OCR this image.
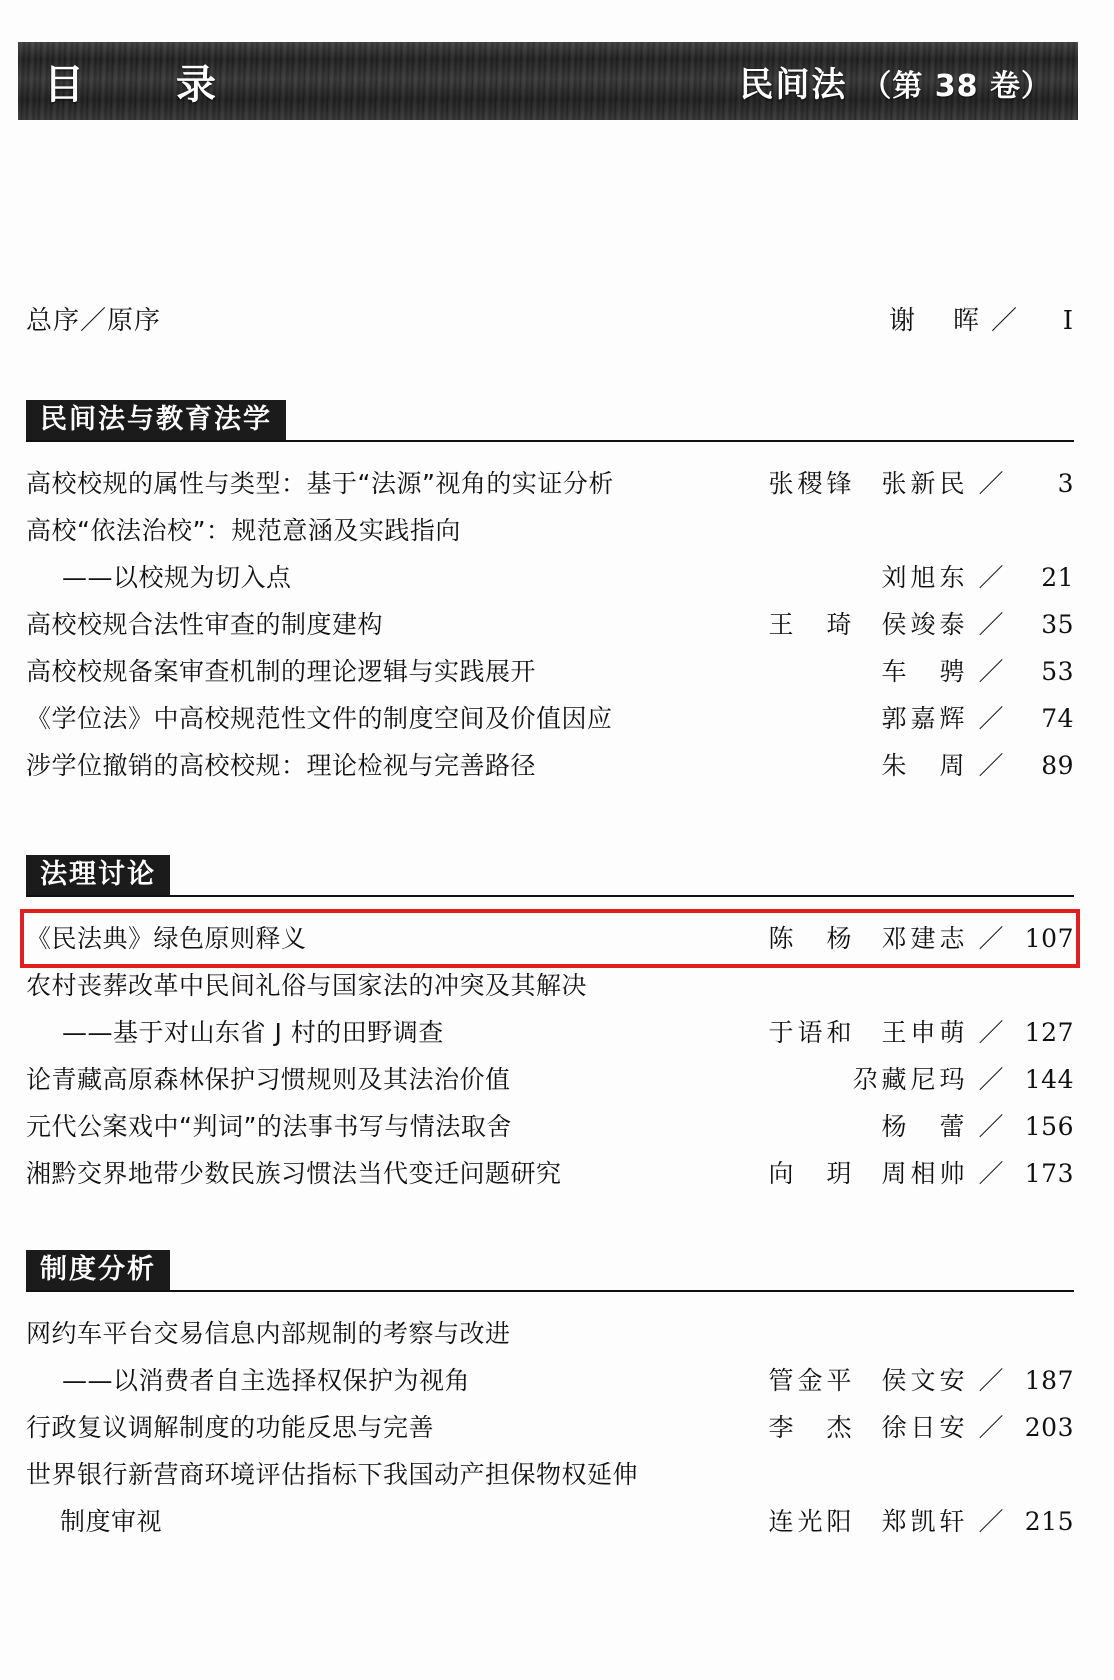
目　录	民间法 （第 38 卷）
总序／原序	谢　晖 ／	I
民间法与教育法学
高校校规的属性与类型：基于“法源”视角的实证分析	张稷锋 张新民 ／	3
高校“依法治校”：规范意涵及实践指向
——以校规为切入点	刘旭东 ／	21
高校校规合法性审查的制度建构	王　琦 侯竣泰 ／	35
高校校规备案审查机制的理论逻辑与实践展开	车　骋 ／	53
《学位法》中高校规范性文件的制度空间及价值因应	郭嘉辉 ／	74
涉学位撤销的高校校规：理论检视与完善路径	朱　周 ／	89
法理讨论
《民法典》绿色原则释义	陈　杨 邓建志 ／ 107
农村丧葬改革中民间礼俗与国家法的冲突及其解决
——基于对山东省 J 村的田野调查	于语和 王申萌 ／ 127
论青藏高原森林保护习惯规则及其法治价值	尕藏尼玛 ／ 144
元代公案戏中“判词”的法事书写与情法取舍	杨　蕾 ／ 156
湘黔交界地带少数民族习惯法当代变迁问题研究	向　玥 周相帅 ／ 173
制度分析
网约车平台交易信息内部规制的考察与改进
——以消费者自主选择权保护为视角	管金平 侯文安 ／ 187
行政复议调解制度的功能反思与完善	李　杰 徐日安 ／ 203
世界银行新营商环境评估指标下我国动产担保物权延伸
制度审视	连光阳 郑凯轩 ／ 215
